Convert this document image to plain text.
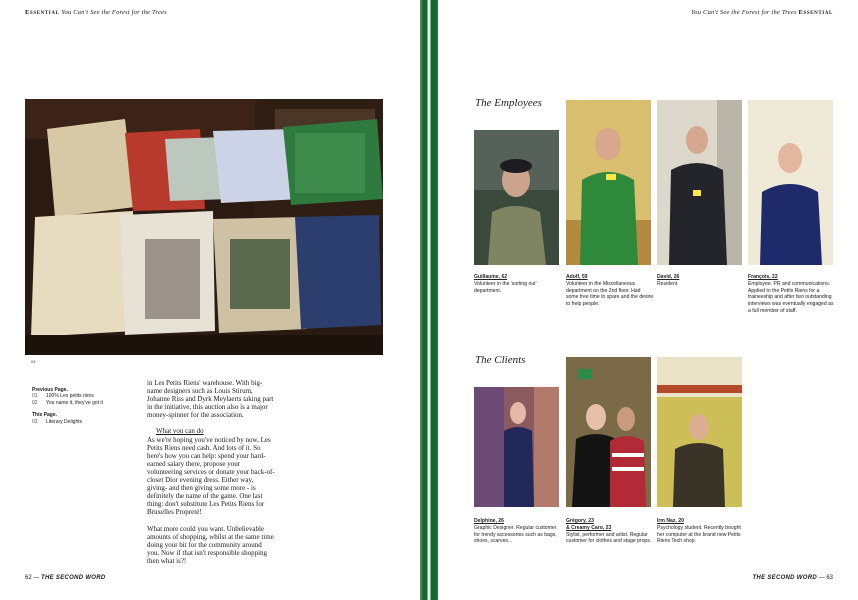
Essential You Can't See the Forest for the Trees
03
Previous Page.
01	100% Les petits riens
02	You name it, they've got it
This Page.
03	Literary Delights

in Les Petits Riens' warehouse. With big-name designers such as Louis Stirum, Johanne Riss and Dyrk Meylaerts taking part in the initiative, this auction also is a major money-spinner for the association.

What you can do

As we're hoping you've noticed by now, Les Petits Riens need cash. And lots of it. So here's how you can help: spend your hard-earned salary there, propose your volunteering services or donate your back-of-closet Dior evening dress. Either way, giving- and then giving some more - is definitely the name of the game. One last thing: don't substitute Les Petits Riens for Bruxelles Propreté!

What more could you want. Unbelievable amounts of shopping, whilst at the same time doing your bit for the community around you. Now if that isn't responsible shopping then what is?!

62 — THE SECOND WORD
You Can't See the Forest for the Trees Essential
The Employees
Guillaume, 62
Volunteer in the 'sorting out' department.
Adolf, 59
Volunteer in the Miscellaneous department on the 2nd floor. Had some free time to spare and the desire to help people.
David, 26
Resident.
François, 22
Employee. PR and communications. Applied to the Petits Riens for a traineeship and after two outstanding interviews was eventually engaged as a full member of staff.
The Clients
Delphine, 26
Graphic Designer. Regular customer for trendy accessories such as bags, shoes, scarves...
Grégory, 23
& Creamy Caro, 23
Stylist, performer and artist. Regular customer for clothes and stage props.
Irm Naz, 20
Psychology student. Recently bought her computer at the brand new Petits Riens Tech shop.
THE SECOND WORD — 63
